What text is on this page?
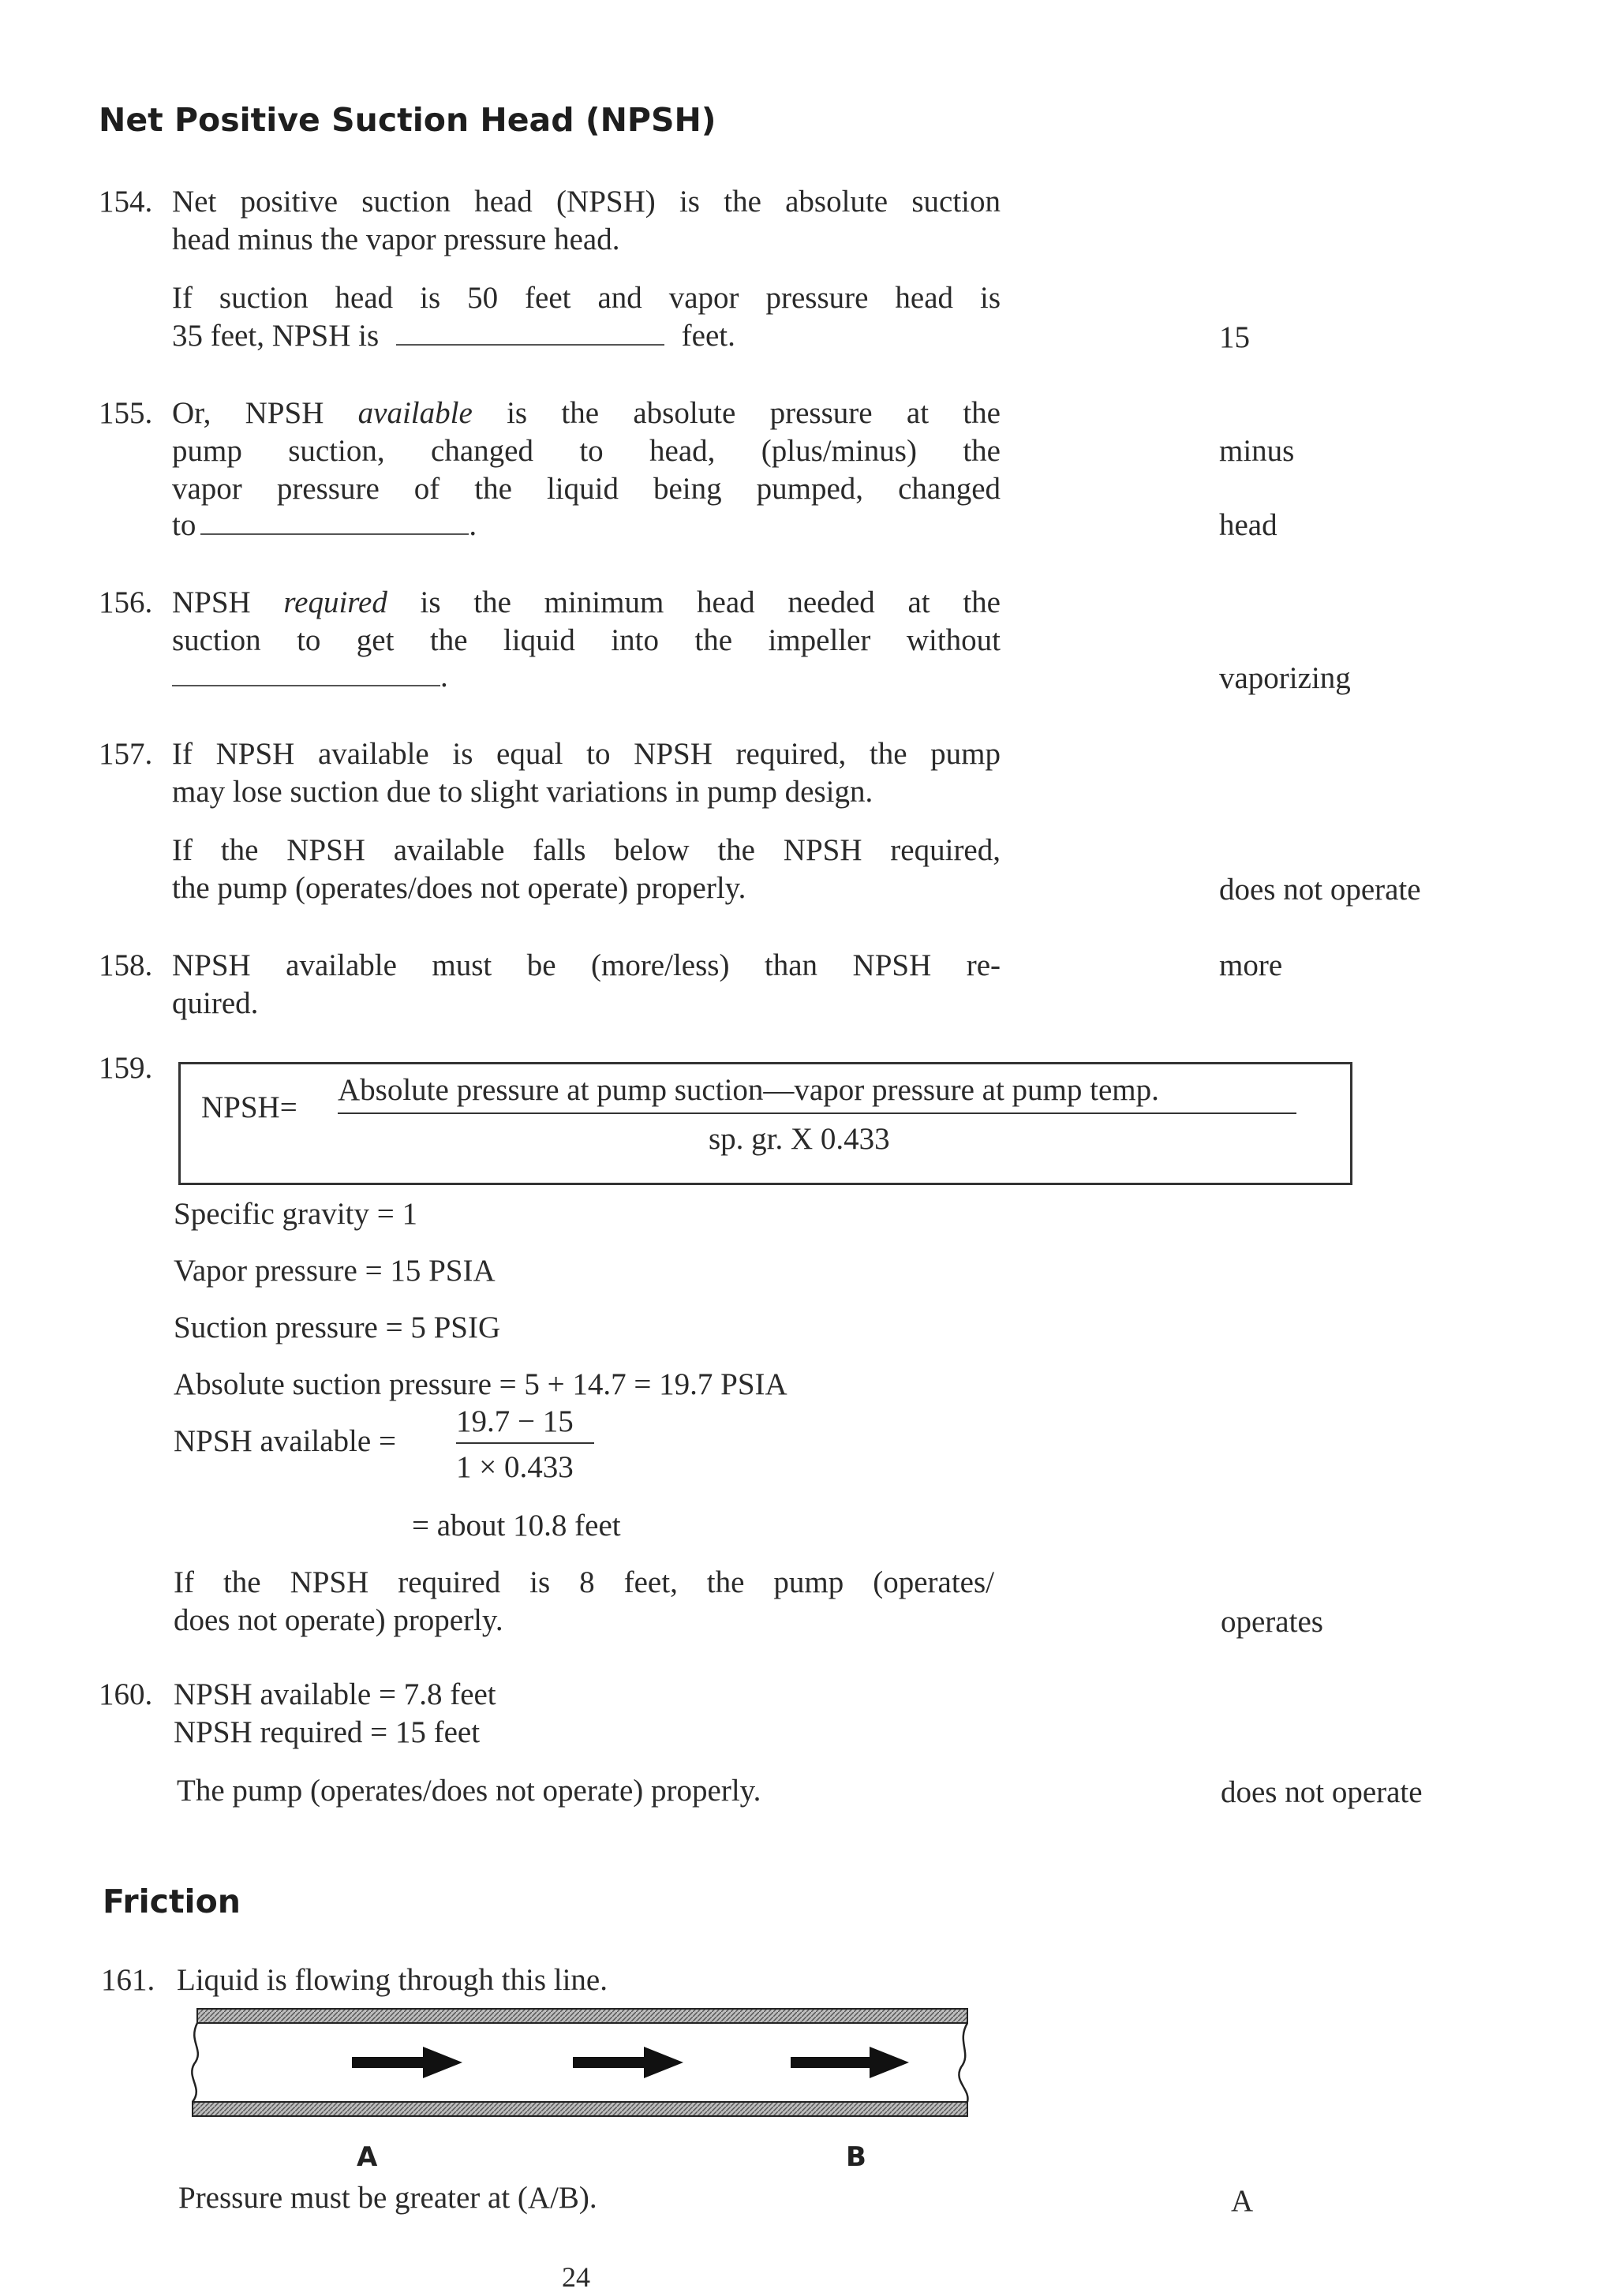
Net Positive Suction Head (NPSH)
154. Net positive suction head (NPSH) is the absolute suction
head minus the vapor pressure head.
If suction head is 50 feet and vapor pressure head is
35 feet, NPSH is	feet.	15
155. Or, NPSH available is the absolute pressure at the
pump suction, changed to head, (plus/minus) the
vapor pressure of the liquid being pumped, changed
to	.
minus
head
156. NPSH required is the minimum head needed at the
suction to get the liquid into the impeller without
.	vaporizing
157. If NPSH available is equal to NPSH required, the pump
may lose suction due to slight variations in pump design.
If the NPSH available falls below the NPSH required,
the pump (operates/does not operate) properly.	does not operate
158. NPSH available must be (more/less) than NPSH re-
quired.
more
159.
NPSH=
Absolute pressure at pump suction—vapor pressure at pump temp.
sp. gr. X 0.433
Specific gravity = 1
Vapor pressure = 15 PSIA
Suction pressure = 5 PSIG
Absolute suction pressure = 5 + 14.7 = 19.7 PSIA
NPSH available =
19.7 − 15
1 × 0.433
= about 10.8 feet
If the NPSH required is 8 feet, the pump (operates/
does not operate) properly.	operates
160. NPSH available = 7.8 feet
NPSH required = 15 feet
The pump (operates/does not operate) properly.	does not operate
Friction
161. Liquid is flowing through this line.
A	B
Pressure must be greater at (A/B).	A
24
